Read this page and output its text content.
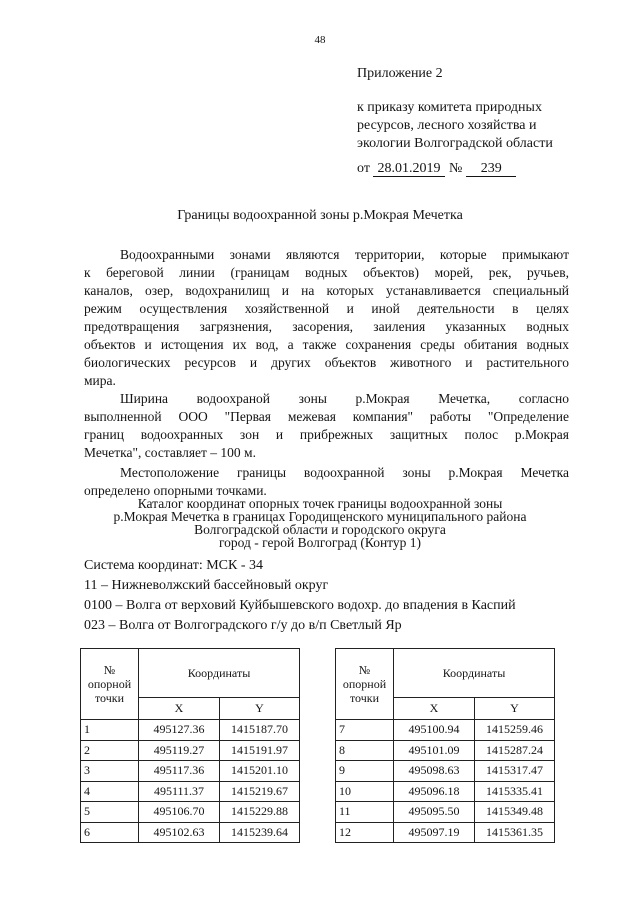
48
Приложение 2
к приказу комитета природных
ресурсов, лесного хозяйства и
экологии Волгоградской области
от 28.01.2019 № 239
Границы водоохранной зоны р.Мокрая Мечетка
Водоохранными зонами являются территории, которые примыкают
к береговой линии (границам водных объектов) морей, рек, ручьев,
каналов, озер, водохранилищ и на которых устанавливается специальный
режим осуществления хозяйственной и иной деятельности в целях
предотвращения загрязнения, засорения, заиления указанных водных
объектов и истощения их вод, а также сохранения среды обитания водных
биологических ресурсов и других объектов животного и растительного
мира.
Ширина водоохраной зоны р.Мокрая Мечетка, согласно
выполненной ООО "Первая межевая компания" работы "Определение
границ водоохранных зон и прибрежных защитных полос р.Мокрая
Мечетка", составляет – 100 м.
Местоположение границы водоохранной зоны р.Мокрая Мечетка
определено опорными точками.
Каталог координат опорных точек границы водоохранной зоны
р.Мокрая Мечетка в границах Городищенского муниципального района
Волгоградской области и городского округа
город - герой Волгоград (Контур 1)
Система координат: МСК - 34
11 – Нижневолжский бассейновый округ
0100 – Волга от верховий Куйбышевского водохр. до впадения в Каспий
023 – Волга от Волгоградского г/у до в/п Светлый Яр
№ опорной точки	Координаты	
	X	Y
1	495127.36	1415187.70
2	495119.27	1415191.97
3	495117.36	1415201.10
4	495111.37	1415219.67
5	495106.70	1415229.88
6	495102.63	1415239.64
№ опорной точки	Координаты	
	X	Y
7	495100.94	1415259.46
8	495101.09	1415287.24
9	495098.63	1415317.47
10	495096.18	1415335.41
11	495095.50	1415349.48
12	495097.19	1415361.35
